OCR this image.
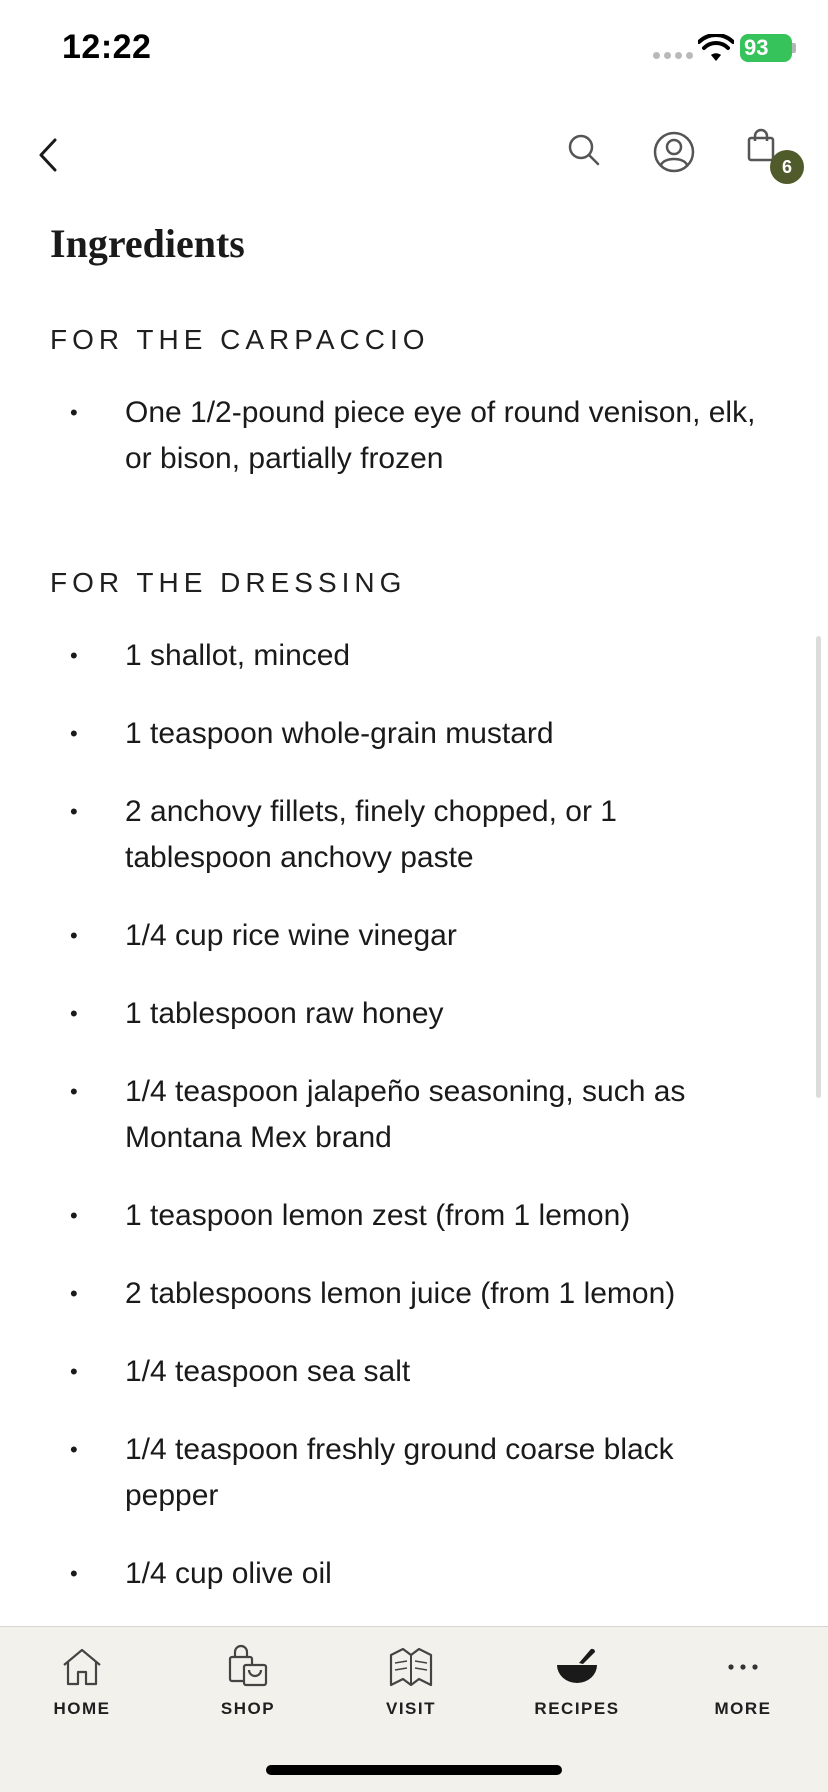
12:22	93
6
Ingredients
FOR THE CARPACCIO
• One 1/2-pound piece eye of round venison, elk, or bison, partially frozen
FOR THE DRESSING
• 1 shallot, minced
• 1 teaspoon whole-grain mustard
• 2 anchovy fillets, finely chopped, or 1 tablespoon anchovy paste
• 1/4 cup rice wine vinegar
• 1 tablespoon raw honey
• 1/4 teaspoon jalapeño seasoning, such as Montana Mex brand
• 1 teaspoon lemon zest (from 1 lemon)
• 2 tablespoons lemon juice (from 1 lemon)
• 1/4 teaspoon sea salt
• 1/4 teaspoon freshly ground coarse black pepper
• 1/4 cup olive oil
HOME	SHOP	VISIT	RECIPES	MORE
